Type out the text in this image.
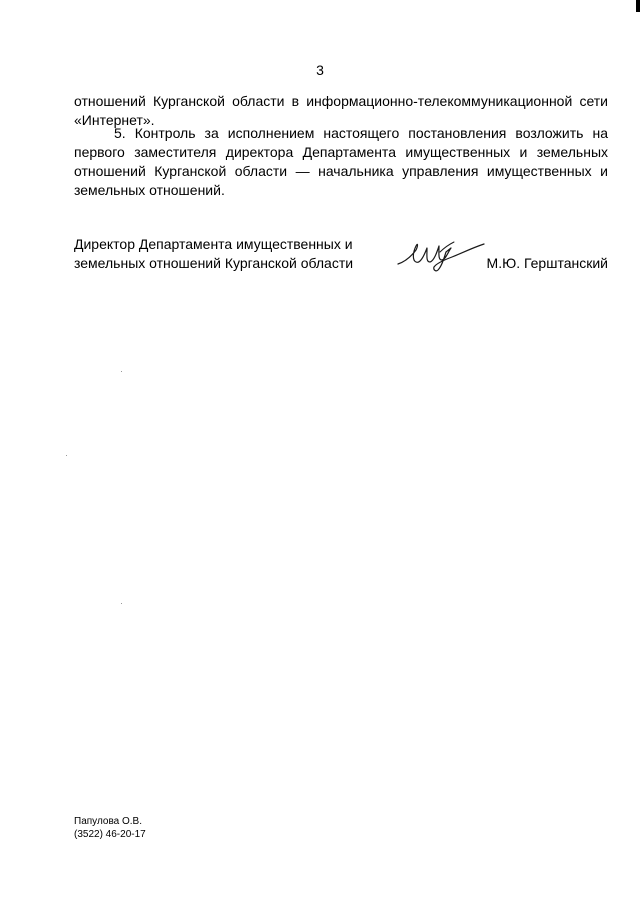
3

отношений Курганской области в информационно-телекоммуникационной сети «Интернет».

5. Контроль за исполнением настоящего постановления возложить на первого заместителя директора Департамента имущественных и земельных отношений Курганской области — начальника управления имущественных и земельных отношений.

Директор Департамента имущественных и
земельных отношений Курганской области	М.Ю. Герштанский
Папулова О.В.
(3522) 46-20-17
